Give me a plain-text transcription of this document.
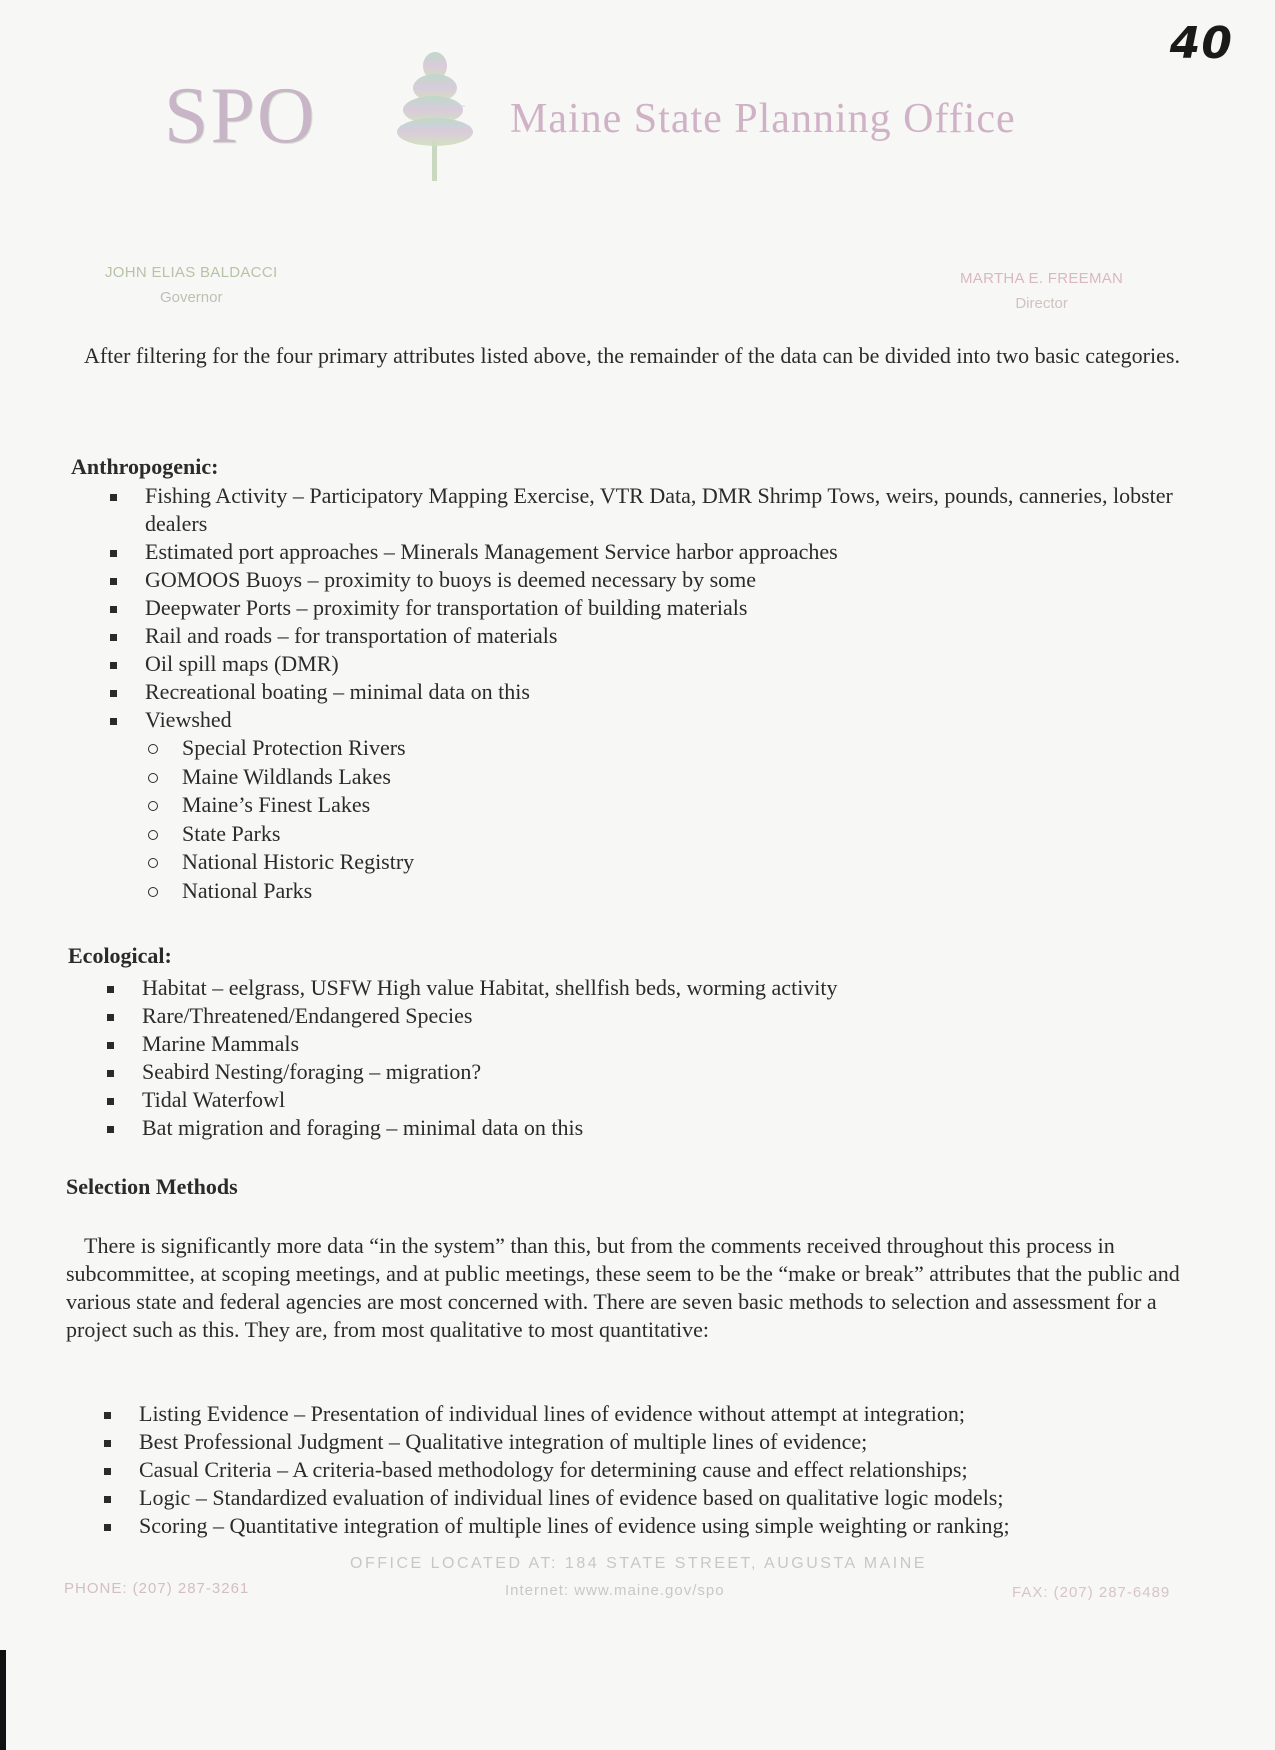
40
SPO	Maine State Planning Office
JOHN ELIAS BALDACCI
Governor
MARTHA E. FREEMAN
Director

After filtering for the four primary attributes listed above, the remainder of the data can be divided into two basic categories.

Anthropogenic:
Fishing Activity – Participatory Mapping Exercise, VTR Data, DMR Shrimp Tows, weirs, pounds, canneries, lobster dealers
Estimated port approaches – Minerals Management Service harbor approaches
GOMOOS Buoys – proximity to buoys is deemed necessary by some
Deepwater Ports – proximity for transportation of building materials
Rail and roads – for transportation of materials
Oil spill maps (DMR)
Recreational boating – minimal data on this
Viewshed
Special Protection Rivers
Maine Wildlands Lakes
Maine’s Finest Lakes
State Parks
National Historic Registry
National Parks
Ecological:
Habitat – eelgrass, USFW High value Habitat, shellfish beds, worming activity
Rare/Threatened/Endangered Species
Marine Mammals
Seabird Nesting/foraging – migration?
Tidal Waterfowl
Bat migration and foraging – minimal data on this
Selection Methods

There is significantly more data “in the system” than this, but from the comments received throughout this process in subcommittee, at scoping meetings, and at public meetings, these seem to be the “make or break” attributes that the public and various state and federal agencies are most concerned with. There are seven basic methods to selection and assessment for a project such as this. They are, from most qualitative to most quantitative:

Listing Evidence – Presentation of individual lines of evidence without attempt at integration;
Best Professional Judgment – Qualitative integration of multiple lines of evidence;
Casual Criteria – A criteria-based methodology for determining cause and effect relationships;
Logic – Standardized evaluation of individual lines of evidence based on qualitative logic models;
Scoring – Quantitative integration of multiple lines of evidence using simple weighting or ranking;
OFFICE LOCATED AT: 184 STATE STREET, AUGUSTA MAINE
PHONE: (207) 287-3261	Internet: www.maine.gov/spo	FAX: (207) 287-6489
